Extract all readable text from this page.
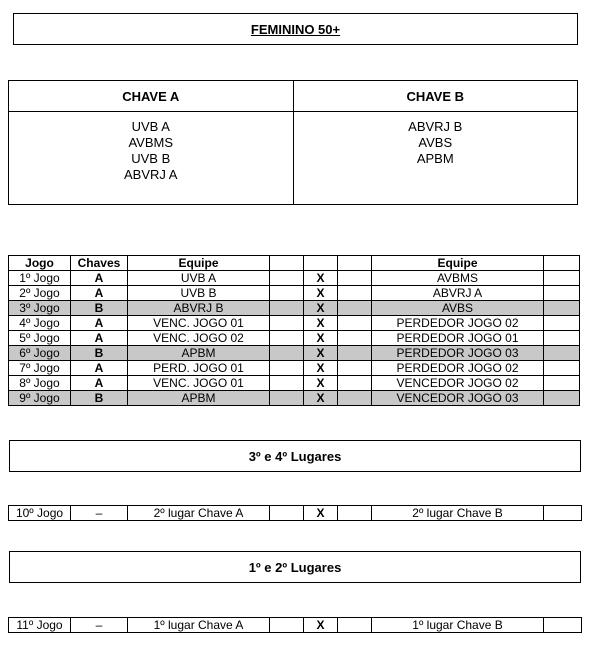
FEMININO 50+
CHAVE A
UVB A
AVBMS
UVB B
ABVRJ A
CHAVE B
ABVRJ B
AVBS
APBM
Jogo	Chaves	Equipe				Equipe	
1º Jogo	A	UVB A		X		AVBMS	
2º Jogo	A	UVB B		X		ABVRJ A	
3º Jogo	B	ABVRJ B		X		AVBS	
4º Jogo	A	VENC. JOGO 01		X		PERDEDOR JOGO 02	
5º Jogo	A	VENC. JOGO 02		X		PERDEDOR JOGO 01	
6º Jogo	B	APBM		X		PERDEDOR JOGO 03	
7º Jogo	A	PERD. JOGO 01		X		PERDEDOR JOGO 02	
8º Jogo	A	VENC. JOGO 01		X		VENCEDOR JOGO 02	
9º Jogo	B	APBM		X		VENCEDOR JOGO 03	
3º e 4º Lugares
10º Jogo	–	2º lugar Chave A		X		2º lugar Chave B	
1º e 2º Lugares
11º Jogo	–	1º lugar Chave A		X		1º lugar Chave B	
